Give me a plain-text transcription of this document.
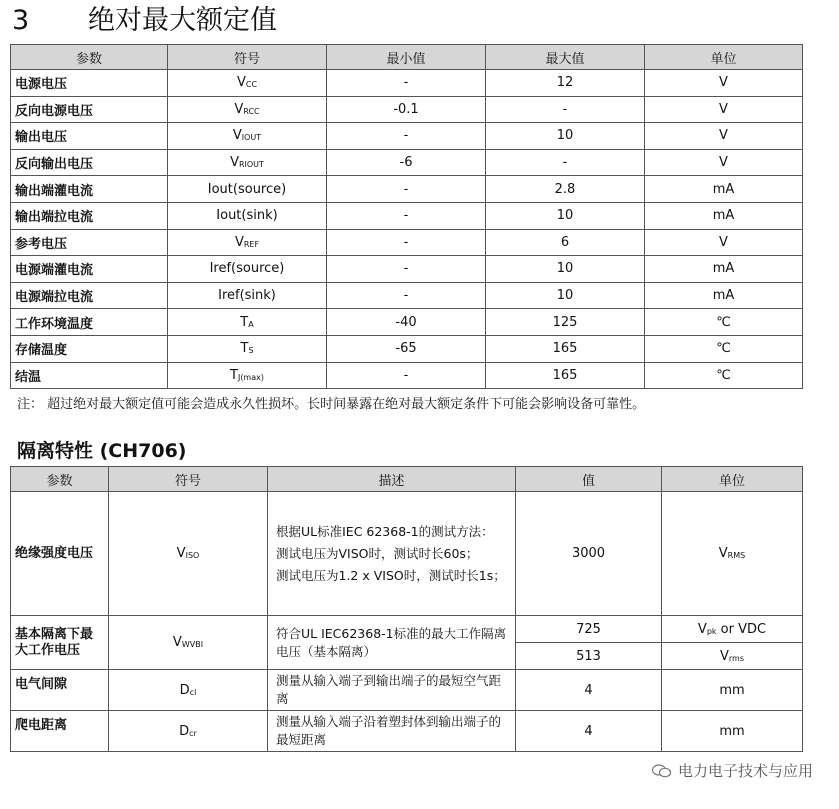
3 绝对最大额定值
参数	符号	最小值	最大值	单位
电源电压	$V_{CC}$	-	12	V
反向电源电压	$V_{RCC}$	-0.1	-	V
输出电压	$V_{IOUT}$	-	10	V
反向输出电压	$V_{RIOUT}$	-6	-	V
输出端灌电流	Iout(source)	-	2.8	mA
输出端拉电流	Iout(sink)	-	10	mA
参考电压	$V_{REF}$	-	6	V
电源端灌电流	Iref(source)	-	10	mA
电源端拉电流	Iref(sink)	-	10	mA
工作环境温度	$T_A$	-40	125	℃
存储温度	$T_S$	-65	165	℃
结温	$T_{J(max)}$	-	165	℃
注： 超过绝对最大额定值可能会造成永久性损坏。长时间暴露在绝对最大额定条件下可能会影响设备可靠性。
隔离特性 (CH706)
参数	符号	描述	值	单位
绝缘强度电压	$V_{ISO}$	根据UL标准IEC 62368-1的测试方法：
测试电压为VISO时，测试时长60s；
测试电压为1.2 x VISO时，测试时长1s；	3000	$V_{RMS}$
基本隔离下最大工作电压	$V_{WVBI}$	符合UL IEC62368-1标准的最大工作隔离电压（基本隔离）	725	$V_{pk}$ or VDC
			513	$V_{rms}$
电气间隙	$D_{cl}$	测量从输入端子到输出端子的最短空气距离	4	mm
爬电距离	$D_{cr}$	测量从输入端子沿着塑封体到输出端子的最短距离	4	mm
电力电子技术与应用
